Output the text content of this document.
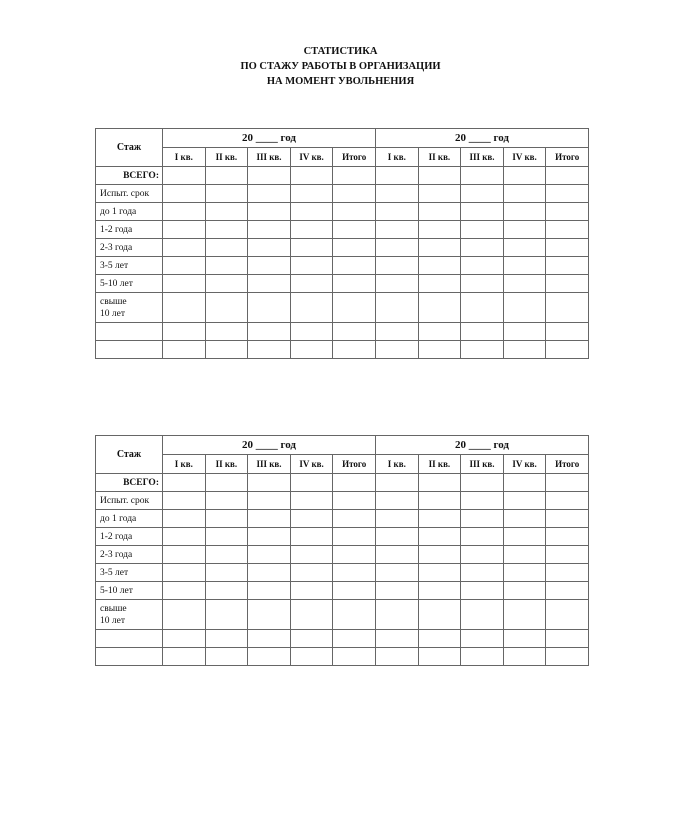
СТАТИСТИКА
ПО СТАЖУ РАБОТЫ В ОРГАНИЗАЦИИ
НА МОМЕНТ УВОЛЬНЕНИЯ
Стаж	20 ____ год					20 ____ год				
	I кв.	II кв.	III кв.	IV кв.	Итого	I кв.	II кв.	III кв.	IV кв.	Итого
ВСЕГО:										
Испыт. срок										
до 1 года										
1-2 года										
2-3 года										
3-5 лет										
5-10 лет										
свыше
10 лет										

Стаж	20 ____ год					20 ____ год				
	I кв.	II кв.	III кв.	IV кв.	Итого	I кв.	II кв.	III кв.	IV кв.	Итого
ВСЕГО:										
Испыт. срок										
до 1 года										
1-2 года										
2-3 года										
3-5 лет										
5-10 лет										
свыше
10 лет										
